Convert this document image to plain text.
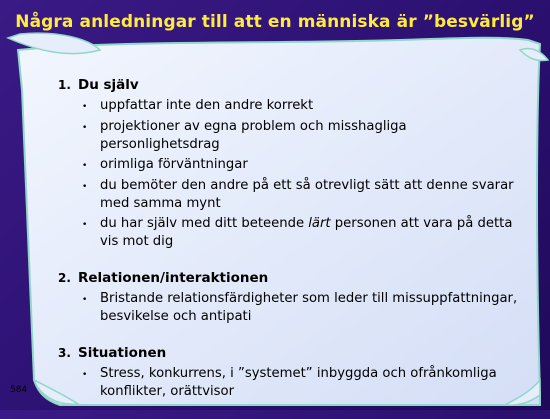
Några anledningar till att en människa är ”besvärlig”
1. Du själv
• uppfattar inte den andre korrekt
• projektioner av egna problem och misshagliga personlighetsdrag
• orimliga förväntningar
• du bemöter den andre på ett så otrevligt sätt att denne svarar med samma mynt
• du har själv med ditt beteende lärt personen att vara på detta vis mot dig
2. Relationen/interaktionen
• Bristande relationsfärdigheter som leder till missuppfattningar, besvikelse och antipati
3. Situationen
• Stress, konkurrens, i ”systemet” inbyggda och ofrånkomliga konflikter, orättvisor
584
